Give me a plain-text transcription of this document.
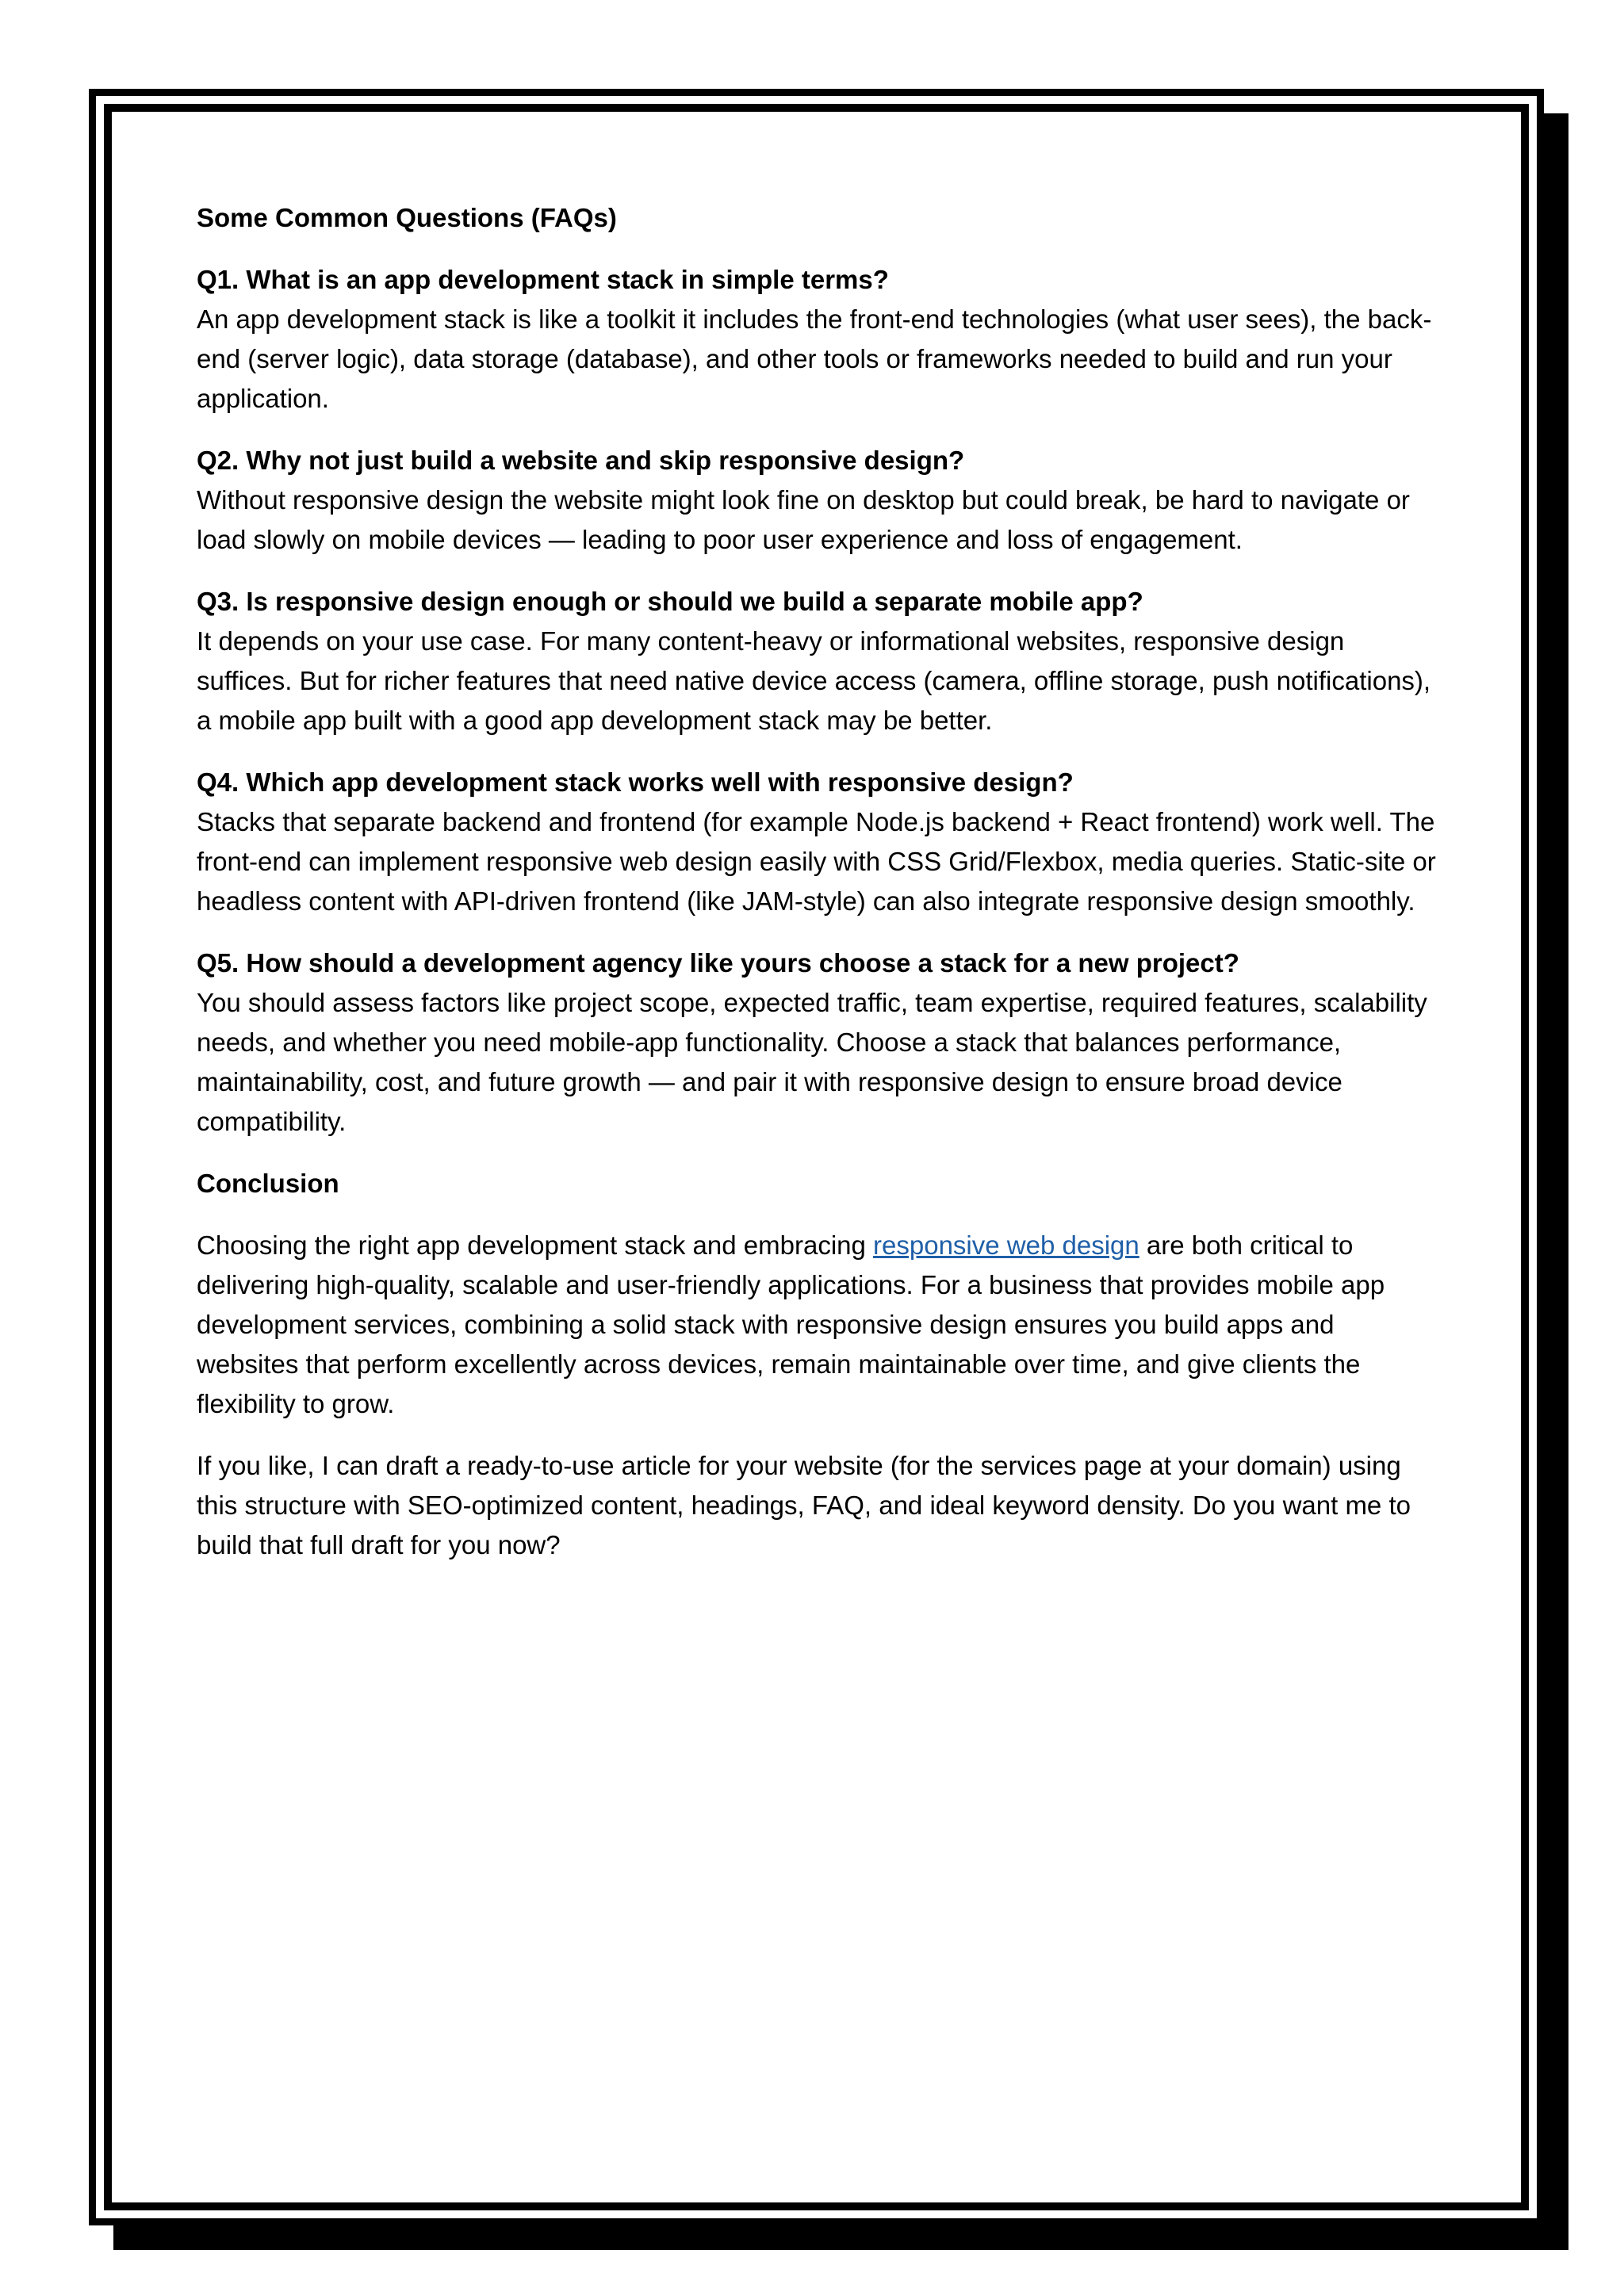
Some Common Questions (FAQs)

Q1. What is an app development stack in simple terms?

An app development stack is like a toolkit it includes the front-end technologies (what user sees), the back-end (server logic), data storage (database), and other tools or frameworks needed to build and run your application.

Q2. Why not just build a website and skip responsive design?

Without responsive design the website might look fine on desktop but could break, be hard to navigate or load slowly on mobile devices — leading to poor user experience and loss of engagement.

Q3. Is responsive design enough or should we build a separate mobile app?

It depends on your use case. For many content-heavy or informational websites, responsive design suffices. But for richer features that need native device access (camera, offline storage, push notifications), a mobile app built with a good app development stack may be better.

Q4. Which app development stack works well with responsive design?

Stacks that separate backend and frontend (for example Node.js backend + React frontend) work well. The front-end can implement responsive web design easily with CSS Grid/Flexbox, media queries. Static-site or headless content with API-driven frontend (like JAM-style) can also integrate responsive design smoothly.

Q5. How should a development agency like yours choose a stack for a new project?

You should assess factors like project scope, expected traffic, team expertise, required features, scalability needs, and whether you need mobile-app functionality. Choose a stack that balances performance, maintainability, cost, and future growth — and pair it with responsive design to ensure broad device compatibility.

Conclusion

Choosing the right app development stack and embracing responsive web design are both critical to delivering high-quality, scalable and user-friendly applications. For a business that provides mobile app development services, combining a solid stack with responsive design ensures you build apps and websites that perform excellently across devices, remain maintainable over time, and give clients the flexibility to grow.

If you like, I can draft a ready-to-use article for your website (for the services page at your domain) using this structure with SEO-optimized content, headings, FAQ, and ideal keyword density. Do you want me to build that full draft for you now?
